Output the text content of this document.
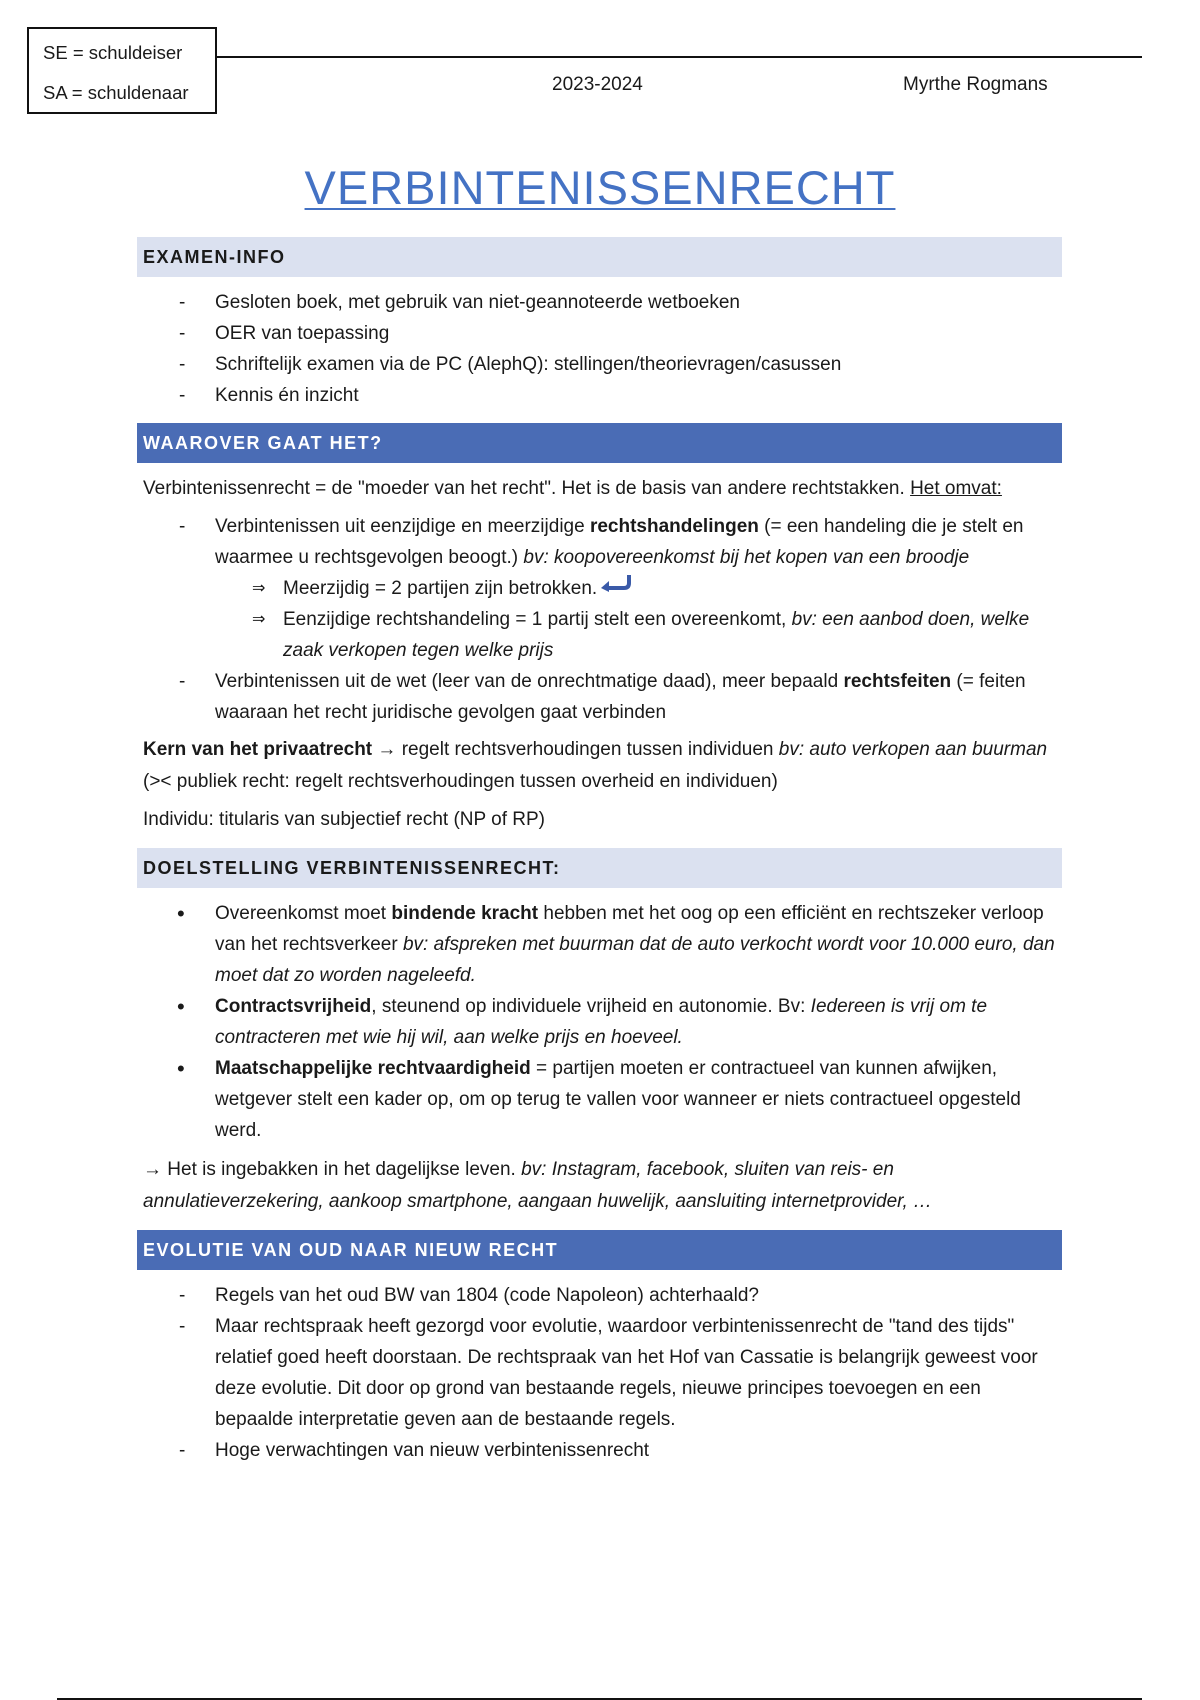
SE = schuldeiser
SA = schuldenaar	2023-2024	Myrthe Rogmans
VERBINTENISSENRECHT
EXAMEN-INFO
- Gesloten boek, met gebruik van niet-geannoteerde wetboeken
- OER van toepassing
- Schriftelijk examen via de PC (AlephQ): stellingen/theorievragen/casussen
- Kennis én inzicht
WAAROVER GAAT HET?

Verbintenissenrecht = de "moeder van het recht". Het is de basis van andere rechtstakken. Het omvat:

- Verbintenissen uit eenzijdige en meerzijdige rechtshandelingen (= een handeling die je stelt en waarmee u rechtsgevolgen beoogt.) bv: koopovereenkomst bij het kopen van een broodje
⇒ Meerzijdig = 2 partijen zijn betrokken.
⇒ Eenzijdige rechtshandeling = 1 partij stelt een overeenkomt, bv: een aanbod doen, welke zaak verkopen tegen welke prijs
- Verbintenissen uit de wet (leer van de onrechtmatige daad), meer bepaald rechtsfeiten (= feiten waaraan het recht juridische gevolgen gaat verbinden

Kern van het privaatrecht → regelt rechtsverhoudingen tussen individuen bv: auto verkopen aan buurman (>< publiek recht: regelt rechtsverhoudingen tussen overheid en individuen)

Individu: titularis van subjectief recht (NP of RP)

DOELSTELLING VERBINTENISSENRECHT:
• Overeenkomst moet bindende kracht hebben met het oog op een efficiënt en rechtszeker verloop van het rechtsverkeer bv: afspreken met buurman dat de auto verkocht wordt voor 10.000 euro, dan moet dat zo worden nageleefd.
• Contractsvrijheid, steunend op individuele vrijheid en autonomie. Bv: Iedereen is vrij om te contracteren met wie hij wil, aan welke prijs en hoeveel.
• Maatschappelijke rechtvaardigheid = partijen moeten er contractueel van kunnen afwijken, wetgever stelt een kader op, om op terug te vallen voor wanneer er niets contractueel opgesteld werd.

→ Het is ingebakken in het dagelijkse leven. bv: Instagram, facebook, sluiten van reis- en annulatieverzekering, aankoop smartphone, aangaan huwelijk, aansluiting internetprovider, …

EVOLUTIE VAN OUD NAAR NIEUW RECHT
- Regels van het oud BW van 1804 (code Napoleon) achterhaald?
- Maar rechtspraak heeft gezorgd voor evolutie, waardoor verbintenissenrecht de "tand des tijds" relatief goed heeft doorstaan. De rechtspraak van het Hof van Cassatie is belangrijk geweest voor deze evolutie. Dit door op grond van bestaande regels, nieuwe principes toevoegen en een bepaalde interpretatie geven aan de bestaande regels.
- Hoge verwachtingen van nieuw verbintenissenrecht
